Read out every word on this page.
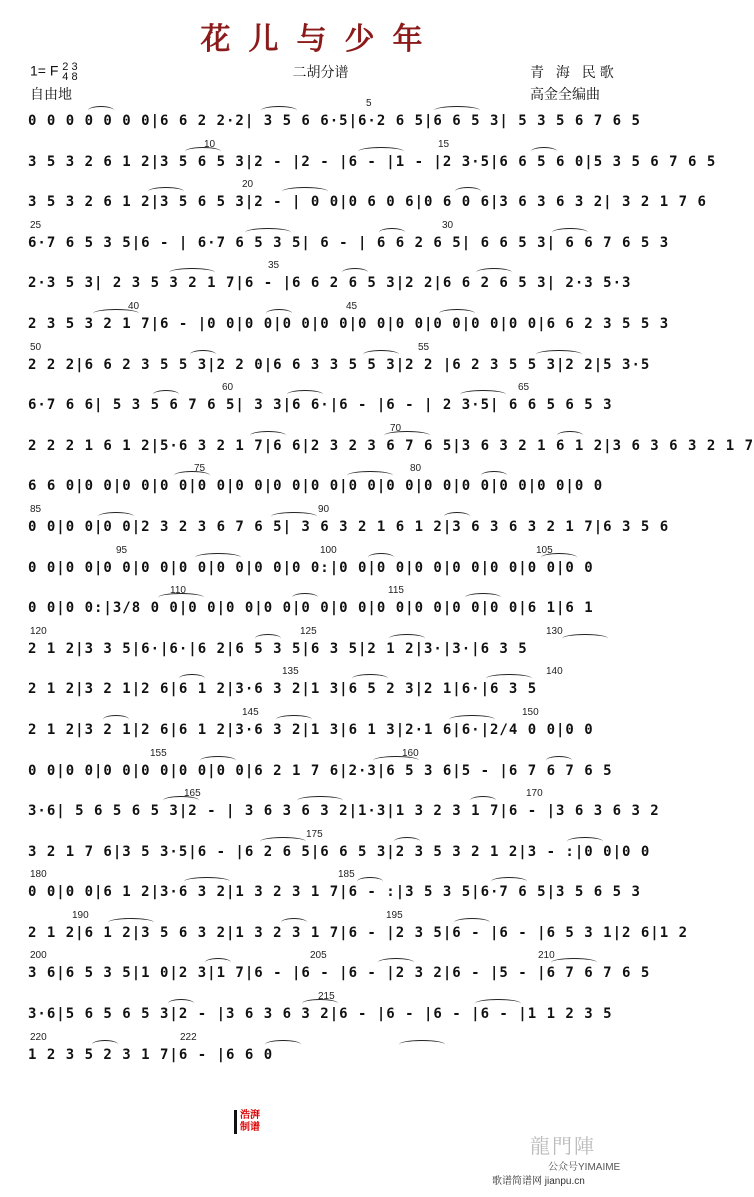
花儿与少年
1= F 2 3
4 8
自由地
二胡分谱	青 海 民歌
高金全编曲
5
0 0 0 0 0 0 0|6 6 2 2·2| 3 5 6 6·5|6·2 6 5|6 6 5 3| 5 3 5 6 7 6 5
10	15
3 5 3 2 6 1 2|3 5 6 5 3|2 - |2 - |6 - |1 - |2 3·5|6 6 5 6 0|5 3 5 6 7 6 5
20
3 5 3 2 6 1 2|3 5 6 5 3|2 - | 0 0|0 6 0 6|0 6 0 6|3 6 3 6 3 2| 3 2 1 7 6
25	30
6·7 6 5 3 5|6 - | 6·7 6 5 3 5| 6 - | 6 6 2 6 5| 6 6 5 3| 6 6 7 6 5 3
35
2·3 5 3| 2 3 5 3 2 1 7|6 - |6 6 2 6 5 3|2 2|6 6 2 6 5 3| 2·3 5·3
40	45
2 3 5 3 2 1 7|6 - |0 0|0 0|0 0|0 0|0 0|0 0|0 0|0 0|0 0|6 6 2 3 5 5 3
50	55
2 2 2|6 6 2 3 5 5 3|2 2 0|6 6 3 3 5 5 3|2 2 |6 2 3 5 5 3|2 2|5 3·5
60	65
6·7 6 6| 5 3 5 6 7 6 5| 3 3|6 6·|6 - |6 - | 2 3·5| 6 6 5 6 5 3
70
2 2 2 1 6 1 2|5·6 3 2 1 7|6 6|2 3 2 3 6 7 6 5|3 6 3 2 1 6 1 2|3 6 3 6 3 2 1 7
75	80
6 6 0|0 0|0 0|0 0|0 0|0 0|0 0|0 0|0 0|0 0|0 0|0 0|0 0|0 0|0 0
85	90
0 0|0 0|0 0|2 3 2 3 6 7 6 5| 3 6 3 2 1 6 1 2|3 6 3 6 3 2 1 7|6 3 5 6
95	100	105
0 0|0 0|0 0|0 0|0 0|0 0|0 0|0 0:|0 0|0 0|0 0|0 0|0 0|0 0|0 0
110	115
0 0|0 0:|3/8 0 0|0 0|0 0|0 0|0 0|0 0|0 0|0 0|0 0|0 0|6 1|6 1
120	125	130
2 1 2|3 3 5|6·|6·|6 2|6 5 3 5|6 3 5|2 1 2|3·|3·|6 3 5
135	140
2 1 2|3 2 1|2 6|6 1 2|3·6 3 2|1 3|6 5 2 3|2 1|6·|6 3 5
145	150
2 1 2|3 2 1|2 6|6 1 2|3·6 3 2|1 3|6 1 3|2·1 6|6·|2/4 0 0|0 0
155	160
0 0|0 0|0 0|0 0|0 0|0 0|6 2 1 7 6|2·3|6 5 3 6|5 - |6 7 6 7 6 5
165	170
3·6| 5 6 5 6 5 3|2 - | 3 6 3 6 3 2|1·3|1 3 2 3 1 7|6 - |3 6 3 6 3 2
175
3 2 1 7 6|3 5 3·5|6 - |6 2 6 5|6 6 5 3|2 3 5 3 2 1 2|3 - :|0 0|0 0
180	185
0 0|0 0|6 1 2|3·6 3 2|1 3 2 3 1 7|6 - :|3 5 3 5|6·7 6 5|3 5 6 5 3
190	195
2 1 2|6 1 2|3 5 6 3 2|1 3 2 3 1 7|6 - |2 3 5|6 - |6 - |6 5 3 1|2 6|1 2
200	205	210
3 6|6 5 3 5|1 0|2 3|1 7|6 - |6 - |6 - |2 3 2|6 - |5 - |6 7 6 7 6 5
215
3·6|5 6 5 6 5 3|2 - |3 6 3 6 3 2|6 - |6 - |6 - |6 - |1 1 2 3 5
220	222
1 2 3 5 2 3 1 7|6 - |6 6 0
浩湃
制谱
龍門陣
公众号YIMAIME
歌谱简谱网 jianpu.cn
